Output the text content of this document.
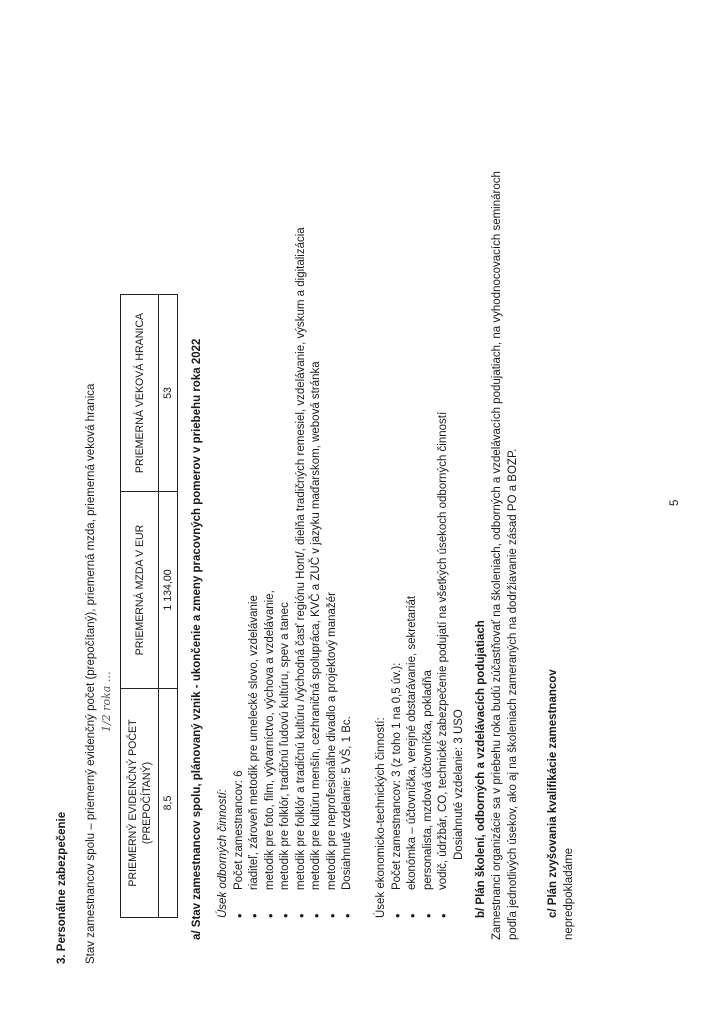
3. Personálne zabezpečenie Stav zamestnancov spolu – priemerný evidenčný počet (prepočítaný), priemerná mzda, priemerná veková hranica 1/2 roka …
PRIEMERNÝ EVIDENČNÝ POČET (PREPOČÍTANÝ)	PRIEMERNÁ MZDA V EUR	PRIEMERNÁ VEKOVÁ HRANICA
8,5	1 134,00	53 a/ Stav zamestnancov spolu, plánovaný vznik - ukončenie a zmeny pracovných pomerov v priebehu roka 2022 Úsek odborných činností: • Počet zamestnancov: 6 • riaditeľ, zároveň metodik pre umelecké slovo, vzdelávanie • metodik pre foto, film, výtvarníctvo, výchova a vzdelávanie, • metodik pre folklór, tradičnú ľudovú kultúru, spev a tanec • metodik pre folklór a tradičnú kultúru /východná časť regiónu Hont/, dielňa tradičných remesiel, vzdelávanie, výskum a digitalizácia • metodik pre kultúru menšín, cezhraničná spolupráca, KVČ a ZUČ v jazyku maďarskom, webová stránka • metodik pre neprofesionálne divadlo a projektový manažér • Dosiahnuté vzdelanie: 5 VŠ, 1 Bc. Úsek ekonomicko-technických činností: • Počet zamestnancov: 3 (z toho 1 na 0,5 úv.): • ekonómka – účtovníčka, verejné obstarávanie, sekretariát • personalista, mzdová účtovníčka, pokladňa • vodič, údržbár, CO, technické zabezpečenie podujatí na všetkých úsekoch odborných činností Dosiahnuté vzdelanie: 3 USO b/ Plán školení, odborných a vzdelávacích podujatiach Zamestnanci organizácie sa v priebehu roka budú zúčastňovať na školeniach, odborných a vzdelávacích podujatiach, na vyhodnocovacích seminároch podľa jednotlivých úsekov, ako aj na školeniach zameraných na dodržiavanie zásad PO a BOZP. c/ Plán zvyšovania kvalifikácie zamestnancov nepredpokladáme
5
